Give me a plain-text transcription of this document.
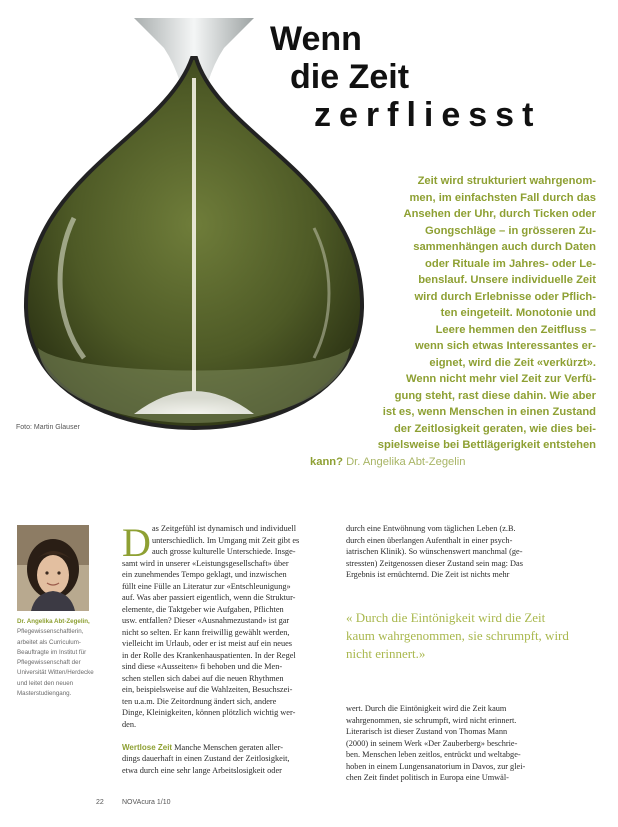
Wenn
die Zeit
zerfliesst
Zeit wird strukturiert wahrgenom-
men, im einfachsten Fall durch das
Ansehen der Uhr, durch Ticken oder
Gongschläge – in grösseren Zu-
sammenhängen auch durch Daten
oder Rituale im Jahres- oder Le-
benslauf. Unsere individuelle Zeit
wird durch Erlebnisse oder Pflich-
ten eingeteilt. Monotonie und
Leere hemmen den Zeitfluss –
wenn sich etwas Interessantes er-
eignet, wird die Zeit «verkürzt».
Wenn nicht mehr viel Zeit zur Verfü-
gung steht, rast diese dahin. Wie aber
ist es, wenn Menschen in einen Zustand
der Zeitlosigkeit geraten, wie dies bei-
spielsweise bei Bettlägerigkeit entstehen
kann? Dr. Angelika Abt-Zegelin
Foto: Martin Glauser

Dr. Angelika Abt-Zegelin,
Pflegewissenschaftlerin,
arbeitet als Curriculum-
Beauftragte im Institut für
Pflegewissenschaft der
Universität Witten/Herdecke
und leitet den neuen
Masterstudiengang.

D as Zeitgefühl ist dynamisch und individuell
unterschiedlich. Im Umgang mit Zeit gibt es
auch grosse kulturelle Unterschiede. Insge-
samt wird in unserer «Leistungsgesellschaft» über
ein zunehmendes Tempo geklagt, und inzwischen
füllt eine Fülle an Literatur zur «Entschleunigung»
auf. Was aber passiert eigentlich, wenn die Struktur-
elemente, die Taktgeber wie Aufgaben, Pflichten
usw. entfallen? Dieser «Ausnahmezustand» ist gar
nicht so selten. Er kann freiwillig gewählt werden,
vielleicht im Urlaub, oder er ist meist auf ein neues
in der Rolle des Krankenhauspatienten. In der Regel
sind diese «Ausseiten» fi behoben und die Men-
schen stellen sich dabei auf die neuen Rhythmen
ein, beispielsweise auf die Wahlzeiten, Besuchszei-
ten u.a.m. Die Zeitordnung ändert sich, andere
Dinge, Kleinigkeiten, können plötzlich wichtig wer-
den.
Wertlose Zeit Manche Menschen geraten aller-
dings dauerhaft in einen Zustand der Zeitlosigkeit,
etwa durch eine sehr lange Arbeitslosigkeit oder
durch eine Entwöhnung vom täglichen Leben (z.B.
durch einen überlangen Aufenthalt in einer psych-
iatrischen Klinik). So wünschenswert manchmal (ge-
stressten) Zeitgenossen dieser Zustand sein mag: Das
Ergebnis ist ernüchternd. Die Zeit ist nichts mehr
« Durch die Eintönigkeit wird die Zeit kaum wahrgenommen, sie schrumpft, wird nicht erinnert.»
wert. Durch die Eintönigkeit wird die Zeit kaum
wahrgenommen, sie schrumpft, wird nicht erinnert.
Literarisch ist dieser Zustand von Thomas Mann
(2000) in seinem Werk «Der Zauberberg» beschrie-
ben. Menschen leben zeitlos, entrückt und weltabge-
hoben in einem Lungensanatorium in Davos, zur glei-
chen Zeit findet politisch in Europa eine Umwäl-
22	NOVAcura 1/10
